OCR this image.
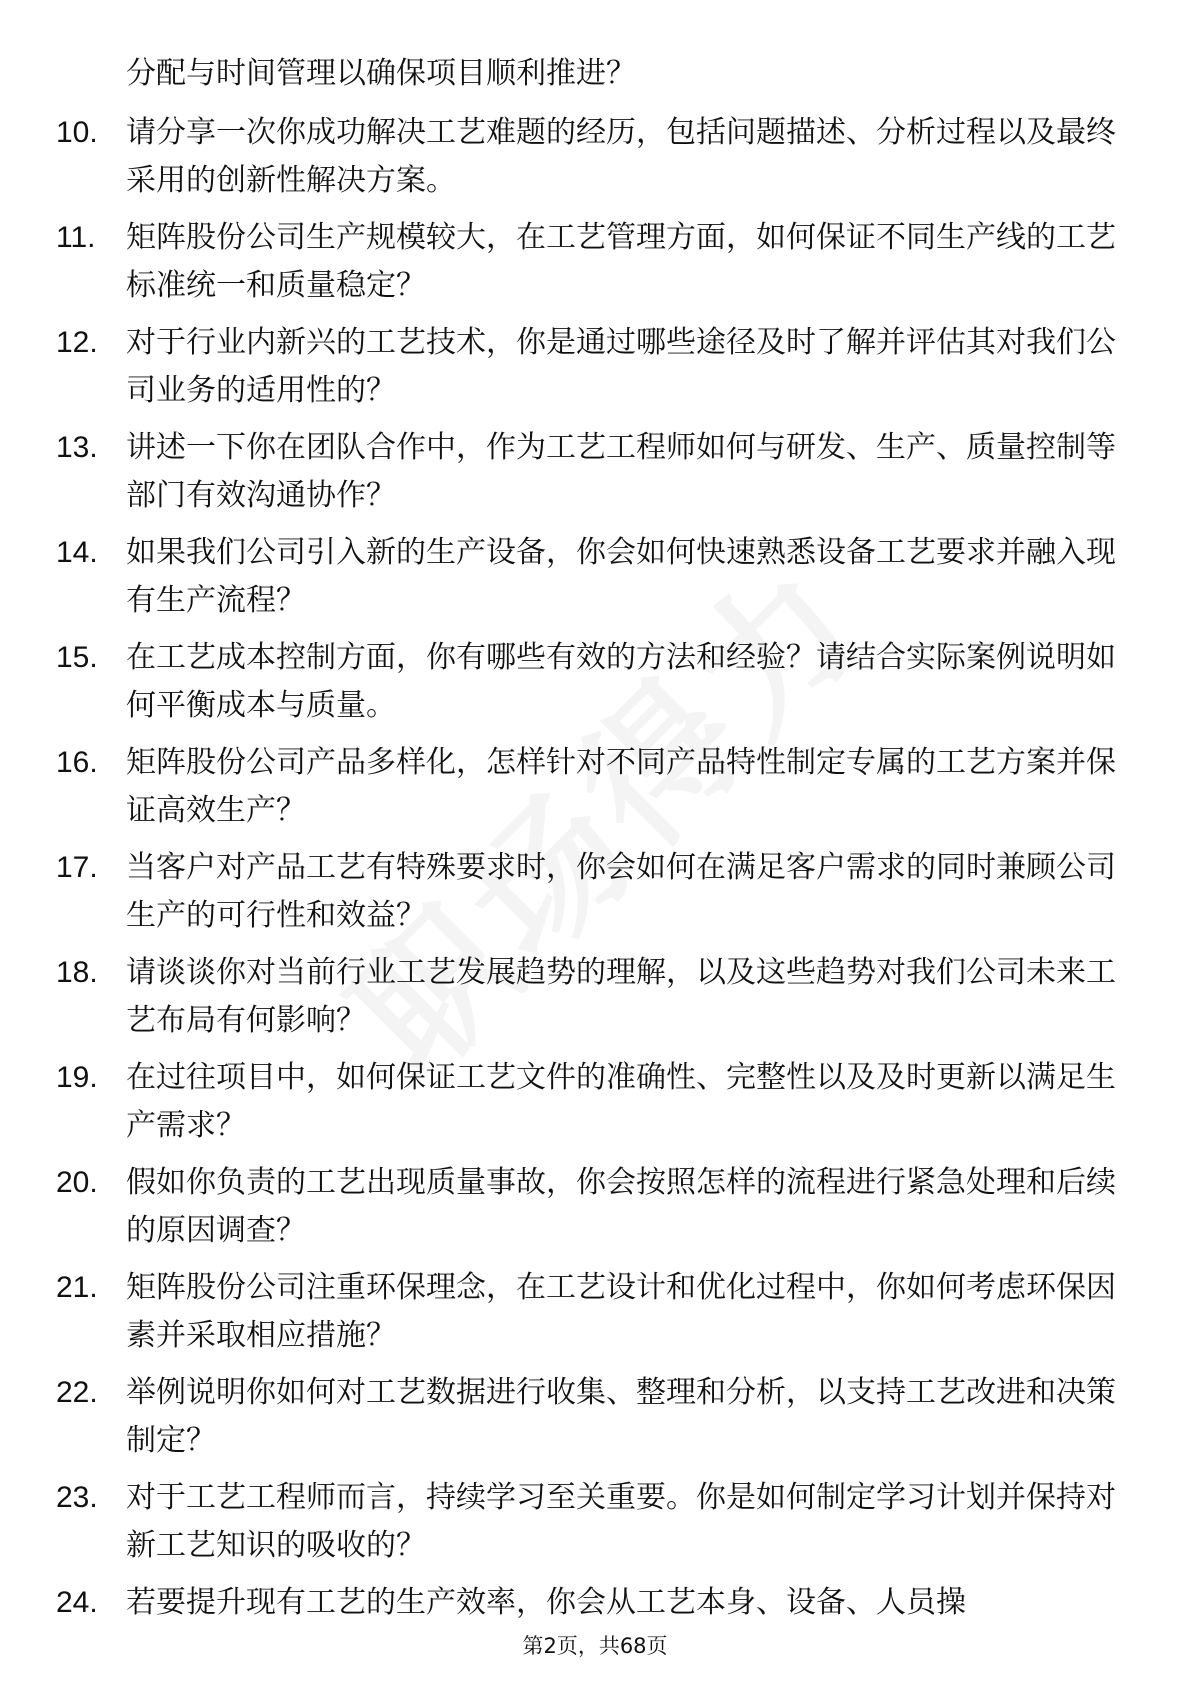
分配与时间管理以确保项目顺利推进？
10. 请分享一次你成功解决工艺难题的经历，包括问题描述、分析过程以及最终采用的创新性解决方案。
11.	矩阵股份公司生产规模较大，在工艺管理方面，如何保证不同生产线的工艺标准统一和质量稳定？
12. 对于行业内新兴的工艺技术，你是通过哪些途径及时了解并评估其对我们公司业务的适用性的？
13. 讲述一下你在团队合作中，作为工艺工程师如何与研发、生产、质量控制等部门有效沟通协作？
14. 如果我们公司引入新的生产设备，你会如何快速熟悉设备工艺要求并融入现有生产流程？
15. 在工艺成本控制方面，你有哪些有效的方法和经验？请结合实际案例说明如何平衡成本与质量。
16. 矩阵股份公司产品多样化，怎样针对不同产品特性制定专属的工艺方案并保证高效生产？
17. 当客户对产品工艺有特殊要求时，你会如何在满足客户需求的同时兼顾公司生产的可行性和效益？
18. 请谈谈你对当前行业工艺发展趋势的理解，以及这些趋势对我们公司未来工艺布局有何影响？
19. 在过往项目中，如何保证工艺文件的准确性、完整性以及及时更新以满足生产需求？
20. 假如你负责的工艺出现质量事故，你会按照怎样的流程进行紧急处理和后续的原因调查？
21. 矩阵股份公司注重环保理念，在工艺设计和优化过程中，你如何考虑环保因素并采取相应措施？
22. 举例说明你如何对工艺数据进行收集、整理和分析，以支持工艺改进和决策制定？
23. 对于工艺工程师而言，持续学习至关重要。你是如何制定学习计划并保持对新工艺知识的吸收的？
24. 若要提升现有工艺的生产效率，你会从工艺本身、设备、人员操
第2页，共68页
